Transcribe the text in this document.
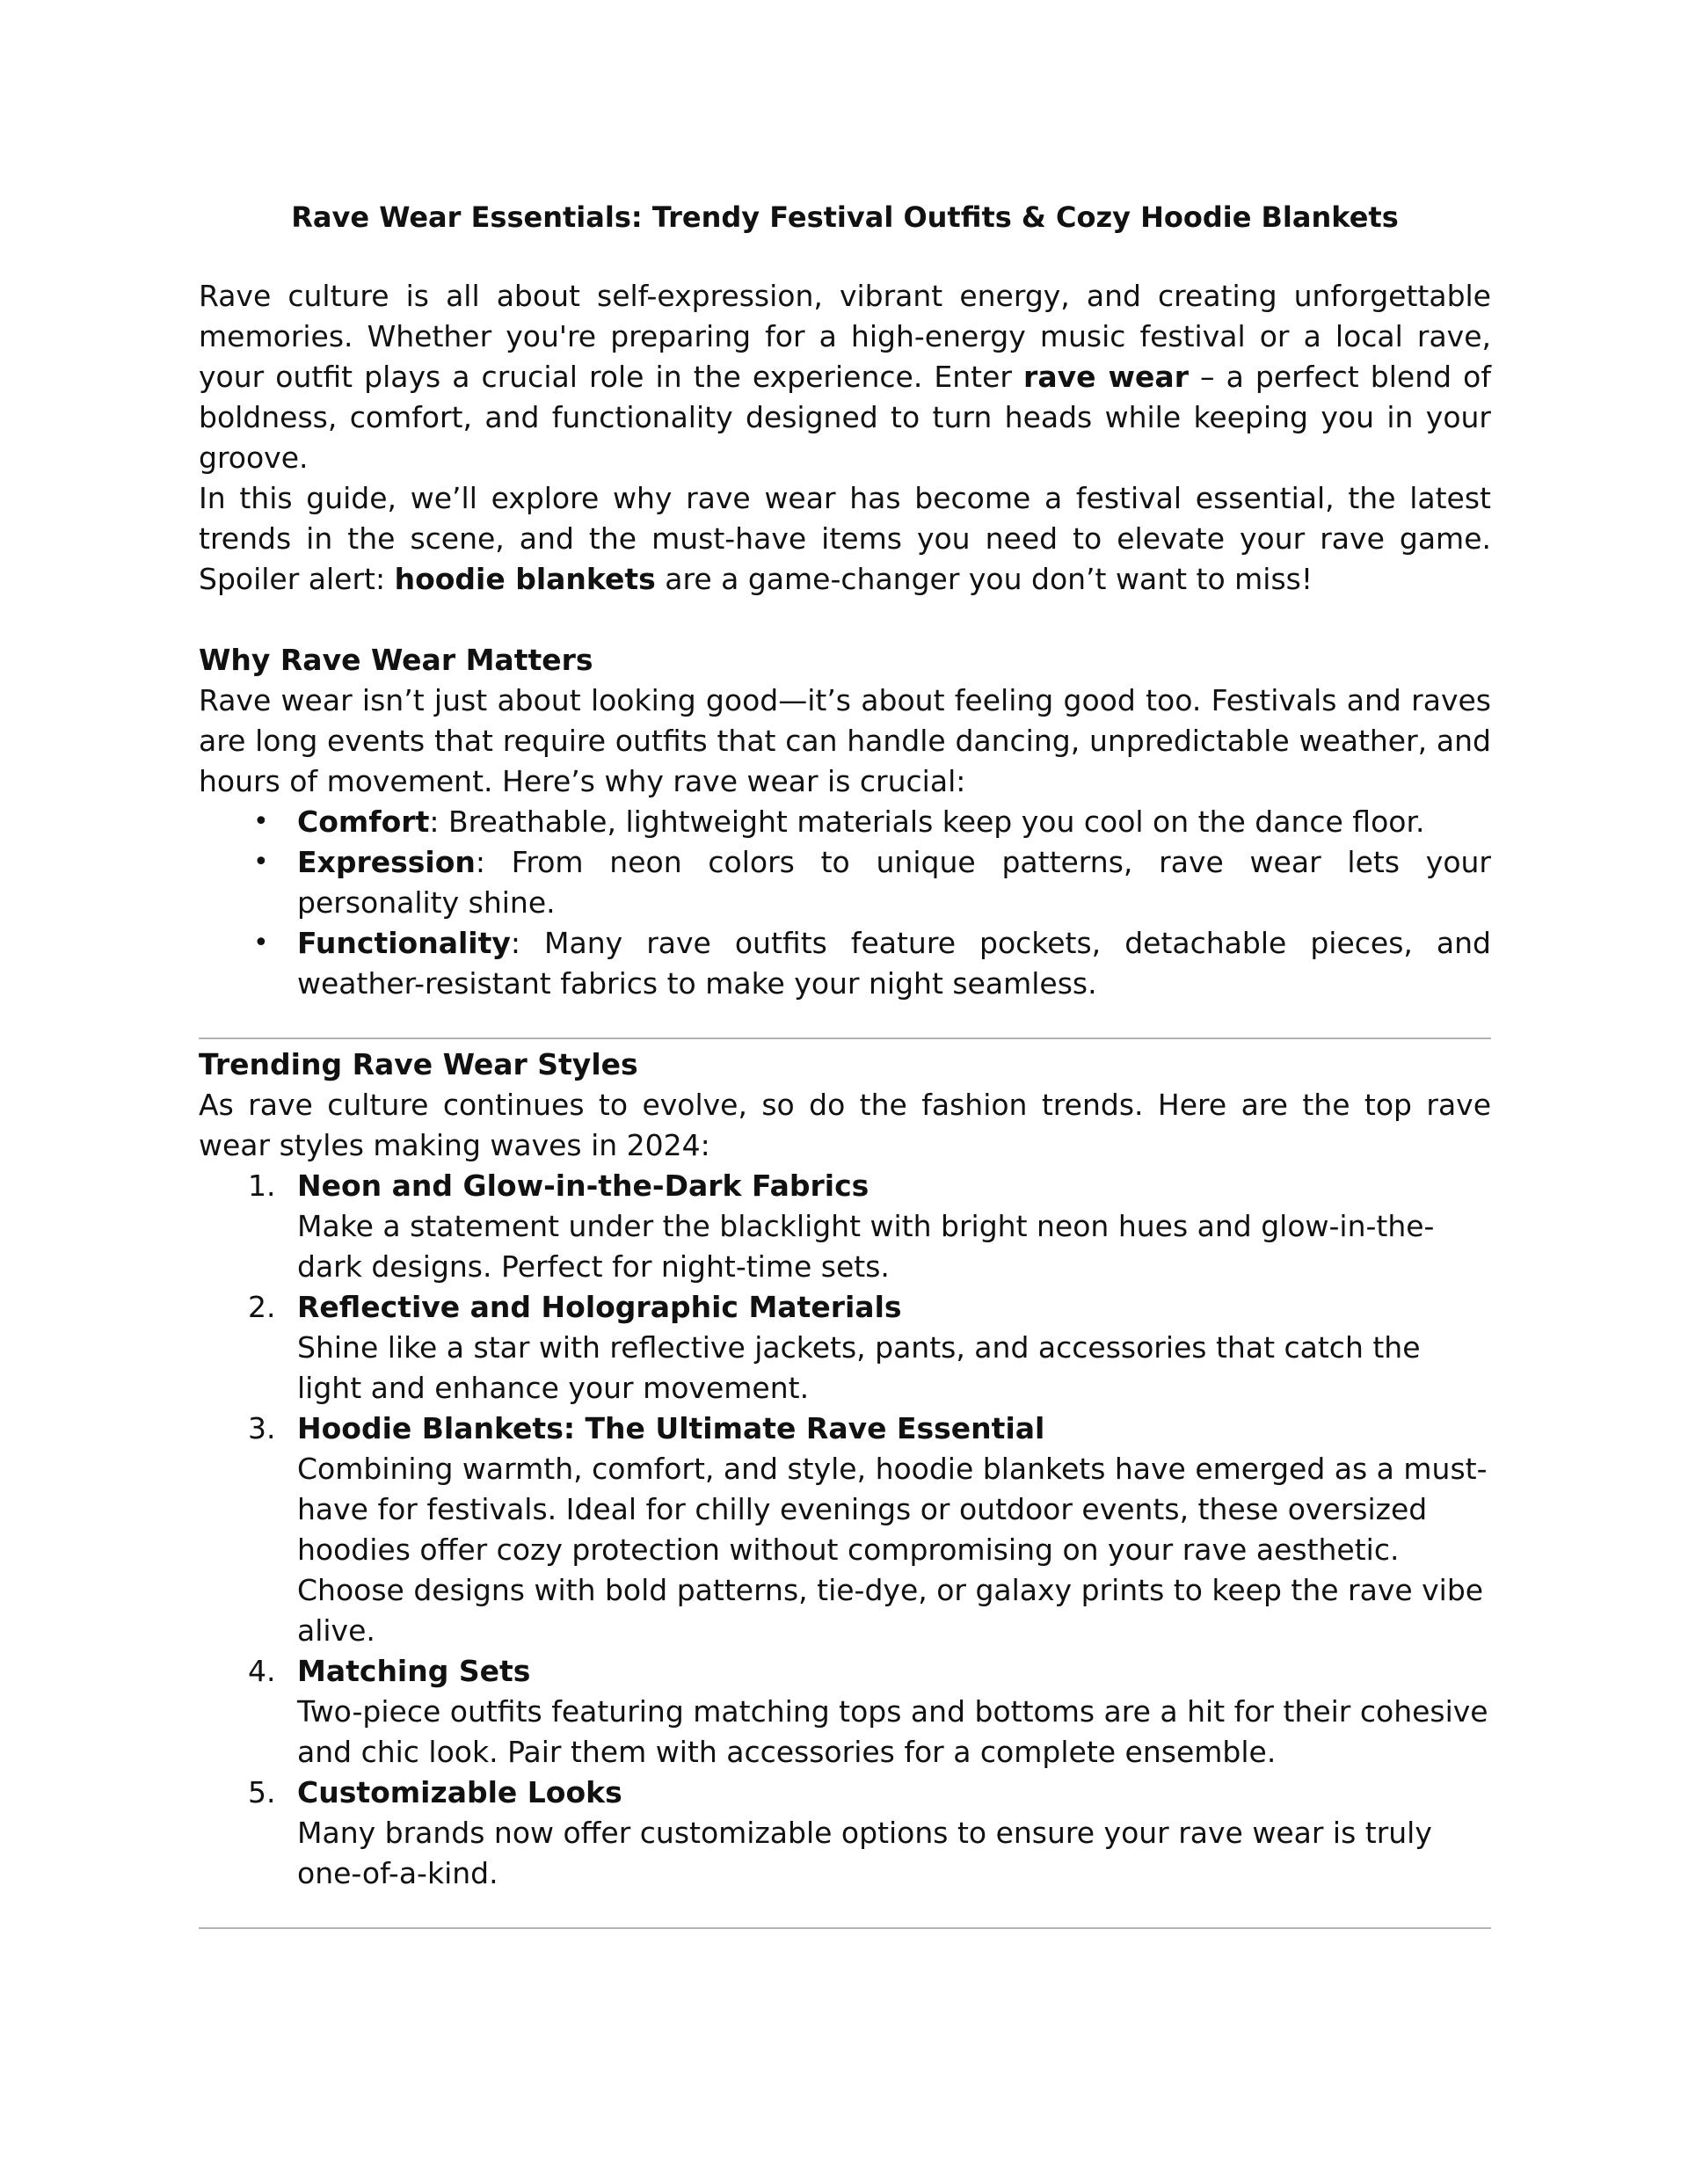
Rave Wear Essentials: Trendy Festival Outfits & Cozy Hoodie Blankets

Rave culture is all about self-expression, vibrant energy, and creating unforgettable memories. Whether you're preparing for a high-energy music festival or a local rave, your outfit plays a crucial role in the experience. Enter rave wear – a perfect blend of boldness, comfort, and functionality designed to turn heads while keeping you in your groove.

In this guide, we’ll explore why rave wear has become a festival essential, the latest trends in the scene, and the must-have items you need to elevate your rave game. Spoiler alert: hoodie blankets are a game-changer you don’t want to miss!

Why Rave Wear Matters

Rave wear isn’t just about looking good—it’s about feeling good too. Festivals and raves are long events that require outfits that can handle dancing, unpredictable weather, and hours of movement. Here’s why rave wear is crucial:

• Comfort: Breathable, lightweight materials keep you cool on the dance floor.
• Expression: From neon colors to unique patterns, rave wear lets your personality shine.
• Functionality: Many rave outfits feature pockets, detachable pieces, and weather-resistant fabrics to make your night seamless.
Trending Rave Wear Styles

As rave culture continues to evolve, so do the fashion trends. Here are the top rave wear styles making waves in 2024:

1. Neon and Glow-in-the-Dark Fabrics
Make a statement under the blacklight with bright neon hues and glow-in-the-dark designs. Perfect for night-time sets.
2. Reflective and Holographic Materials
Shine like a star with reflective jackets, pants, and accessories that catch the light and enhance your movement.
3. Hoodie Blankets: The Ultimate Rave Essential
Combining warmth, comfort, and style, hoodie blankets have emerged as a must-have for festivals. Ideal for chilly evenings or outdoor events, these oversized hoodies offer cozy protection without compromising on your rave aesthetic. Choose designs with bold patterns, tie-dye, or galaxy prints to keep the rave vibe alive.
4. Matching Sets
Two-piece outfits featuring matching tops and bottoms are a hit for their cohesive and chic look. Pair them with accessories for a complete ensemble.
5. Customizable Looks
Many brands now offer customizable options to ensure your rave wear is truly one-of-a-kind.
